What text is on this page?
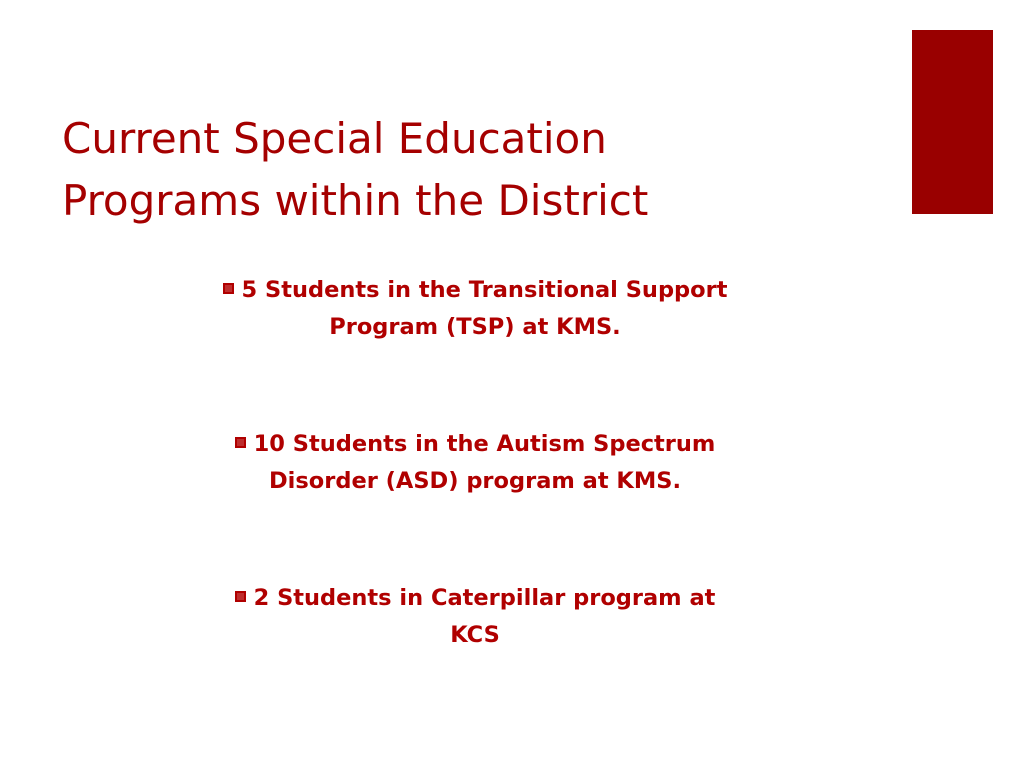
Current Special Education
Programs within the District
5 Students in the Transitional Support
Program (TSP) at KMS.
10 Students in the Autism Spectrum
Disorder (ASD) program at KMS.
2 Students in Caterpillar program at
KCS
